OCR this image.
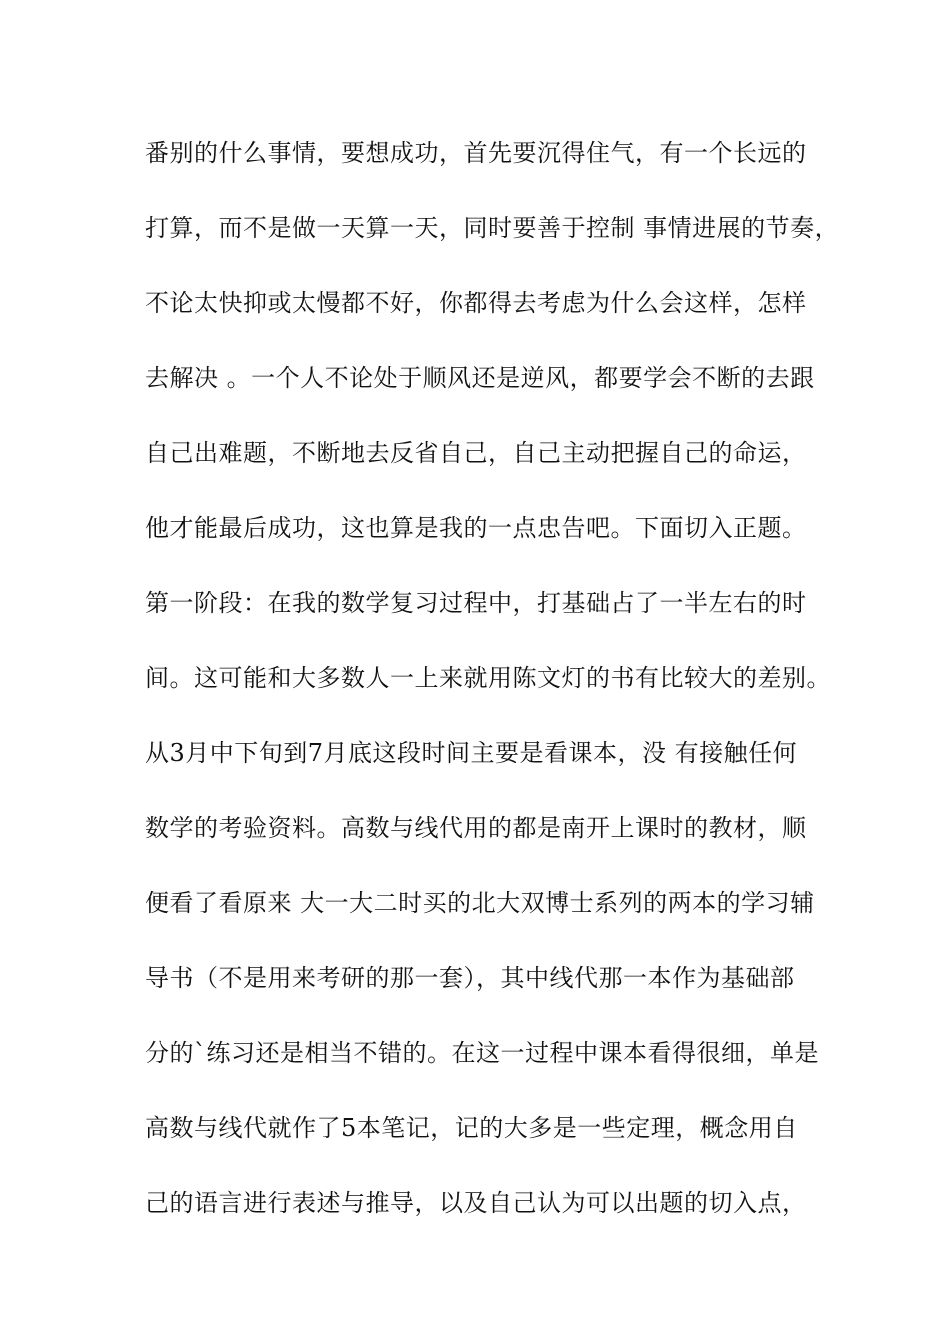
番别的什么事情，要想成功，首先要沉得住气，有一个长远的
打算，而不是做一天算一天，同时要善于控制 事情进展的节奏，
不论太快抑或太慢都不好，你都得去考虑为什么会这样，怎样
去解决 。一个人不论处于顺风还是逆风，都要学会不断的去跟
自己出难题，不断地去反省自己，自己主动把握自己的命运，
他才能最后成功，这也算是我的一点忠告吧。下面切入正题。
第一阶段：在我的数学复习过程中，打基础占了一半左右的时
间。这可能和大多数人一上来就用陈文灯的书有比较大的差别。
从3月中下旬到7月底这段时间主要是看课本，没 有接触任何
数学的考验资料。高数与线代用的都是南开上课时的教材，顺
便看了看原来 大一大二时买的北大双博士系列的两本的学习辅
导书（不是用来考研的那一套），其中线代那一本作为基础部
分的`练习还是相当不错的。在这一过程中课本看得很细，单是
高数与线代就作了5本笔记，记的大多是一些定理，概念用自
己的语言进行表述与推导，以及自己认为可以出题的切入点，
